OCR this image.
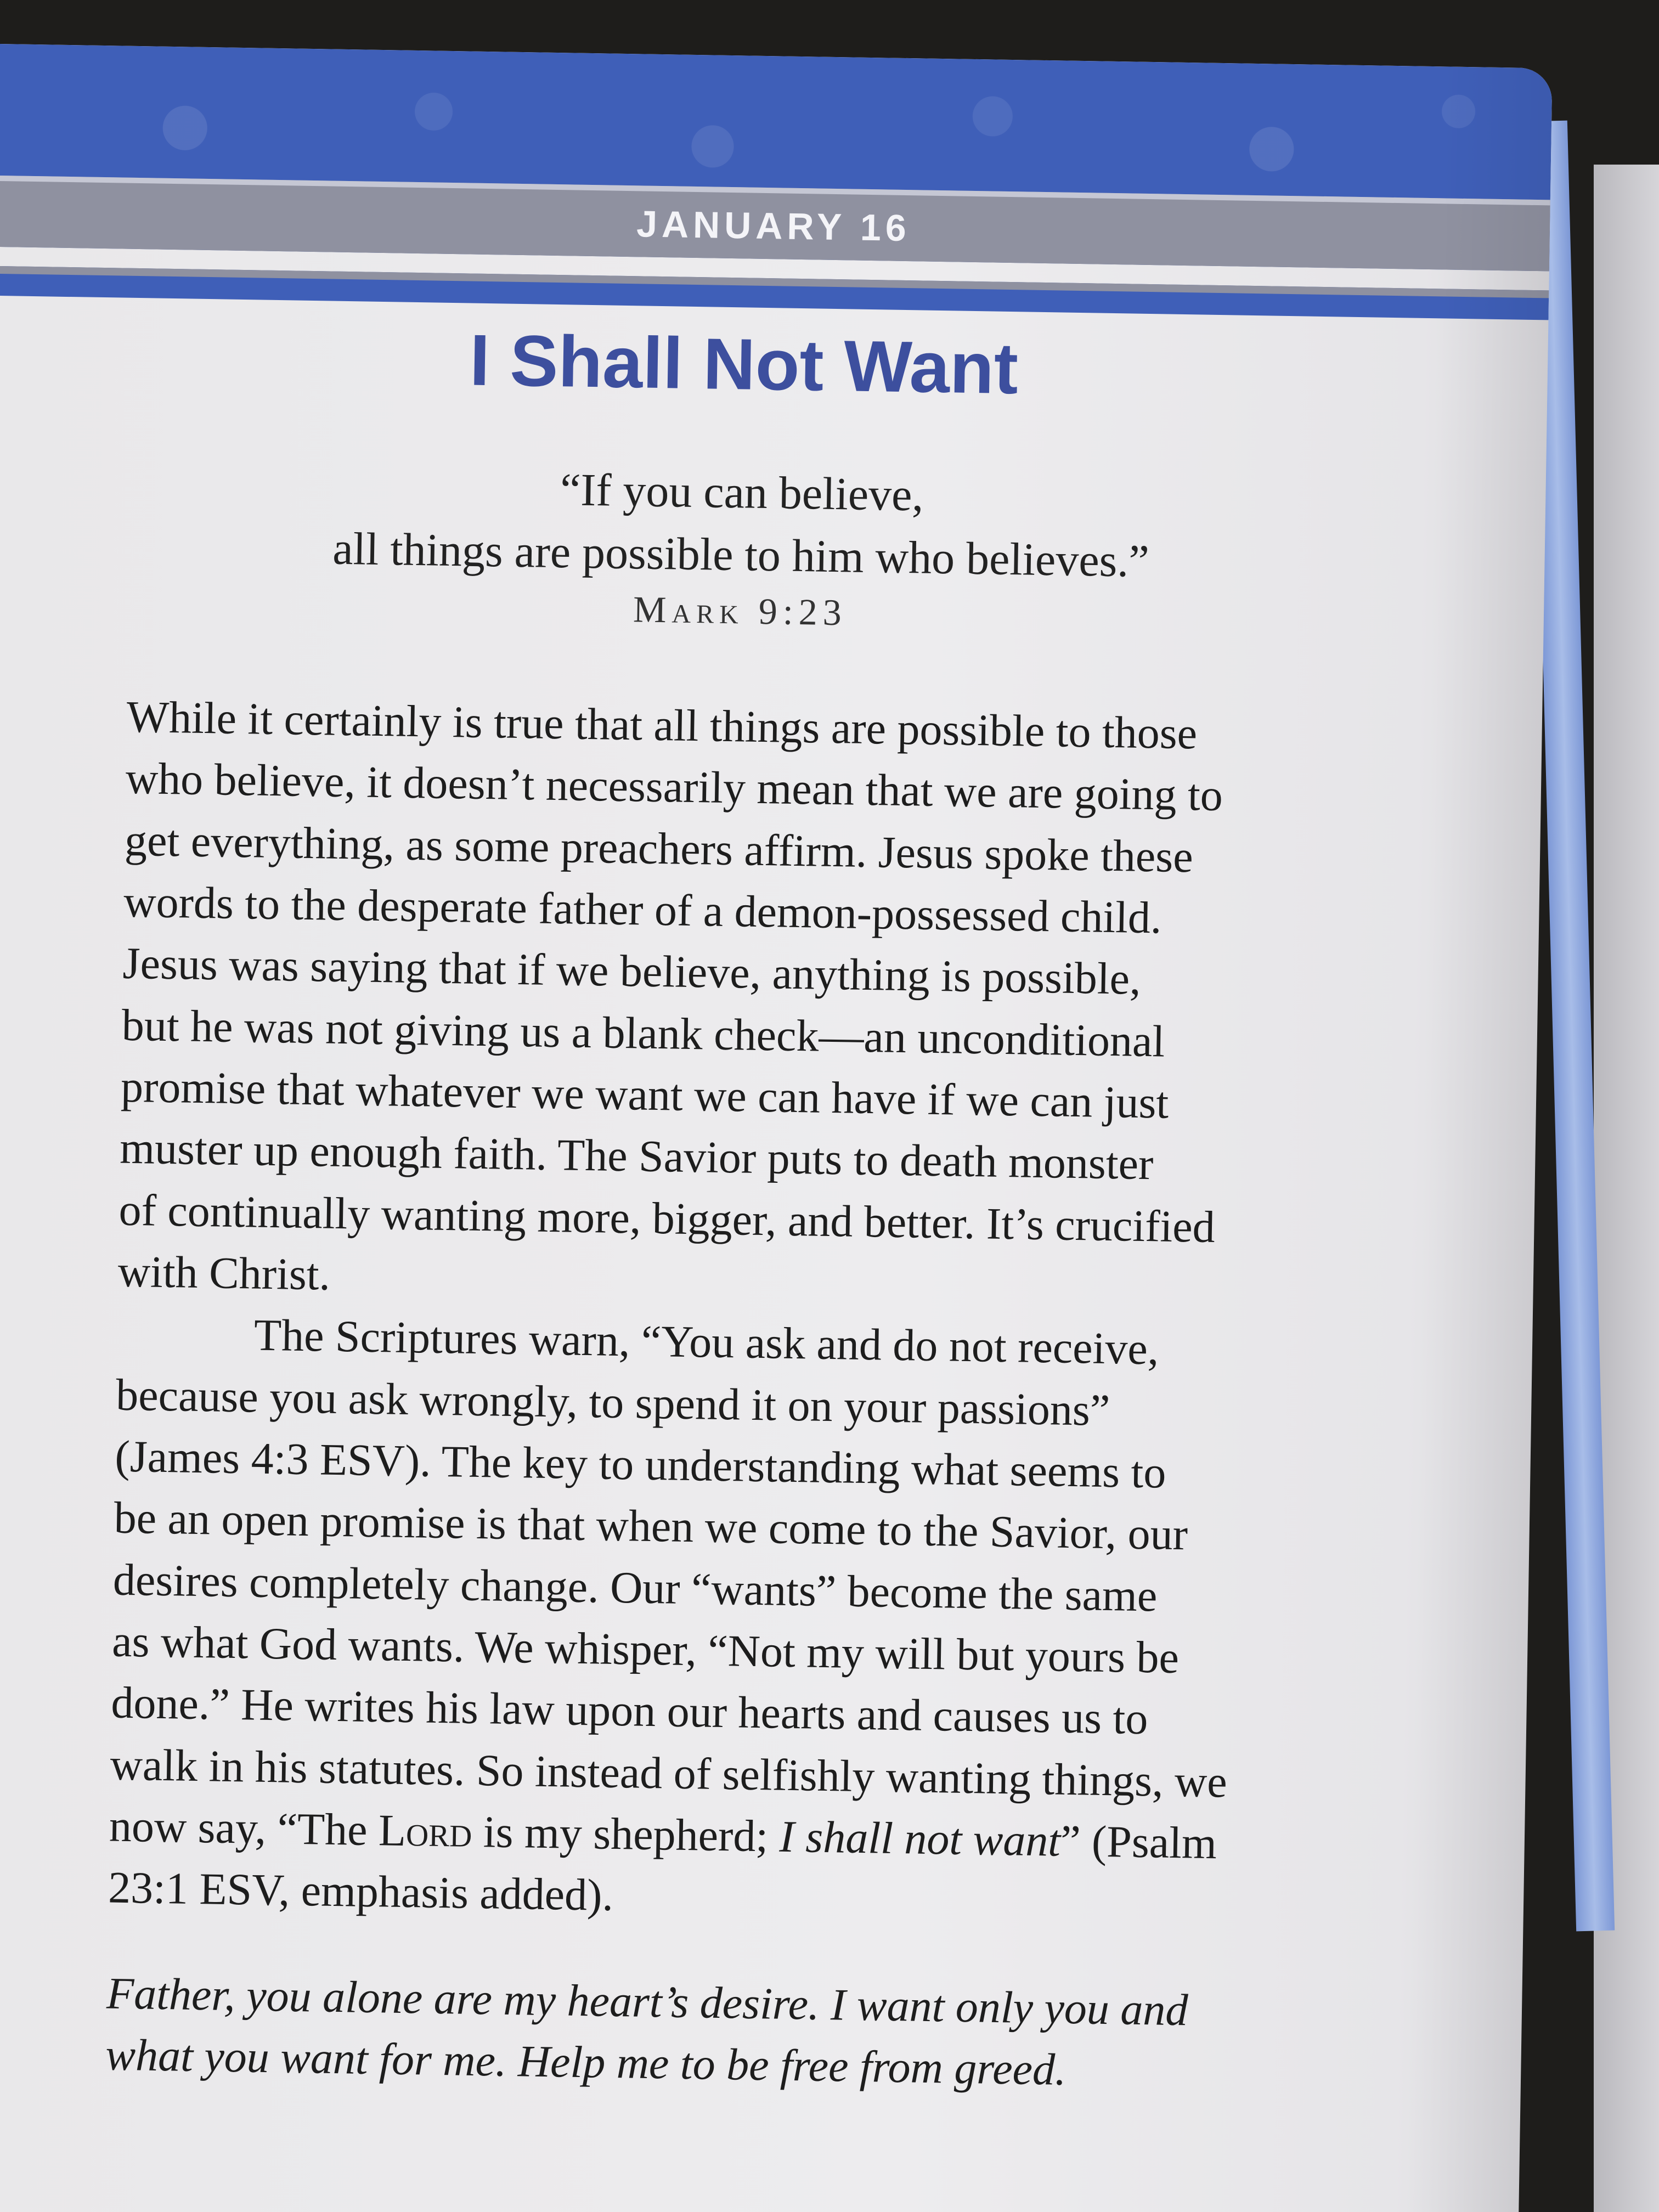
JANUARY 16
I Shall Not Want
“If you can believe,
all things are possible to him who believes.”
Mark 9:23
While it certainly is true that all things are possible to those
who believe, it doesn’t necessarily mean that we are going to
get everything, as some preachers affirm. Jesus spoke these
words to the desperate father of a demon-possessed child.
Jesus was saying that if we believe, anything is possible,
but he was not giving us a blank check—an unconditional
promise that whatever we want we can have if we can just
muster up enough faith. The Savior puts to death monster
of continually wanting more, bigger, and better. It’s crucified
with Christ.
The Scriptures warn, “You ask and do not receive,
because you ask wrongly, to spend it on your passions”
(James 4:3 ESV). The key to understanding what seems to
be an open promise is that when we come to the Savior, our
desires completely change. Our “wants” become the same
as what God wants. We whisper, “Not my will but yours be
done.” He writes his law upon our hearts and causes us to
walk in his statutes. So instead of selfishly wanting things, we
now say, “The Lord is my shepherd; I shall not want” (Psalm
23:1 ESV, emphasis added).
Father, you alone are my heart’s desire. I want only you and
what you want for me. Help me to be free from greed.
